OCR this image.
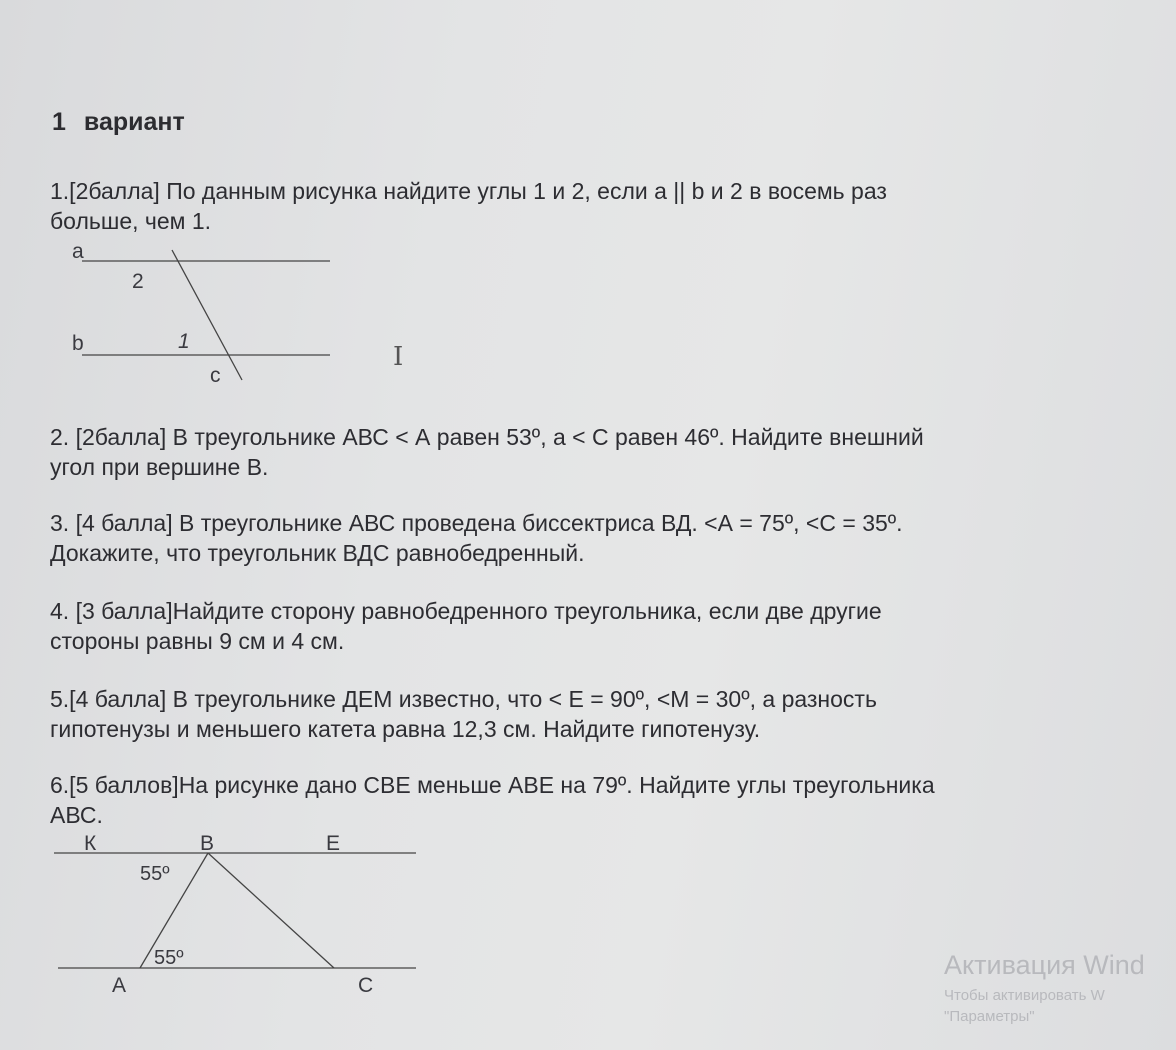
1 вариант

1.[2балла] По данным рисунка найдите углы 1 и 2, если a || b и 2 в восемь раз

больше, чем 1.

a
2
b	1
c
I

2. [2балла] В треугольнике АВС < А равен 53º, а < С равен 46º. Найдите внешний

угол при вершине В.

3. [4 балла] В треугольнике АВС проведена биссектриса ВД. <А = 75º, <С = 35º.

Докажите, что треугольник ВДС равнобедренный.

4. [3 балла]Найдите сторону равнобедренного треугольника, если две другие

стороны равны 9 см и 4 см.

5.[4 балла] В треугольнике ДЕМ известно, что < Е = 90º, <М = 30º, а разность

гипотенузы и меньшего катета равна 12,3 см. Найдите гипотенузу.

6.[5 баллов]На рисунке дано СВЕ меньше АВЕ на 79º. Найдите углы треугольника

АВС.

К	В	Е
55º
55º
А	С
Активация Wind
Чтобы активировать W
"Параметры"
